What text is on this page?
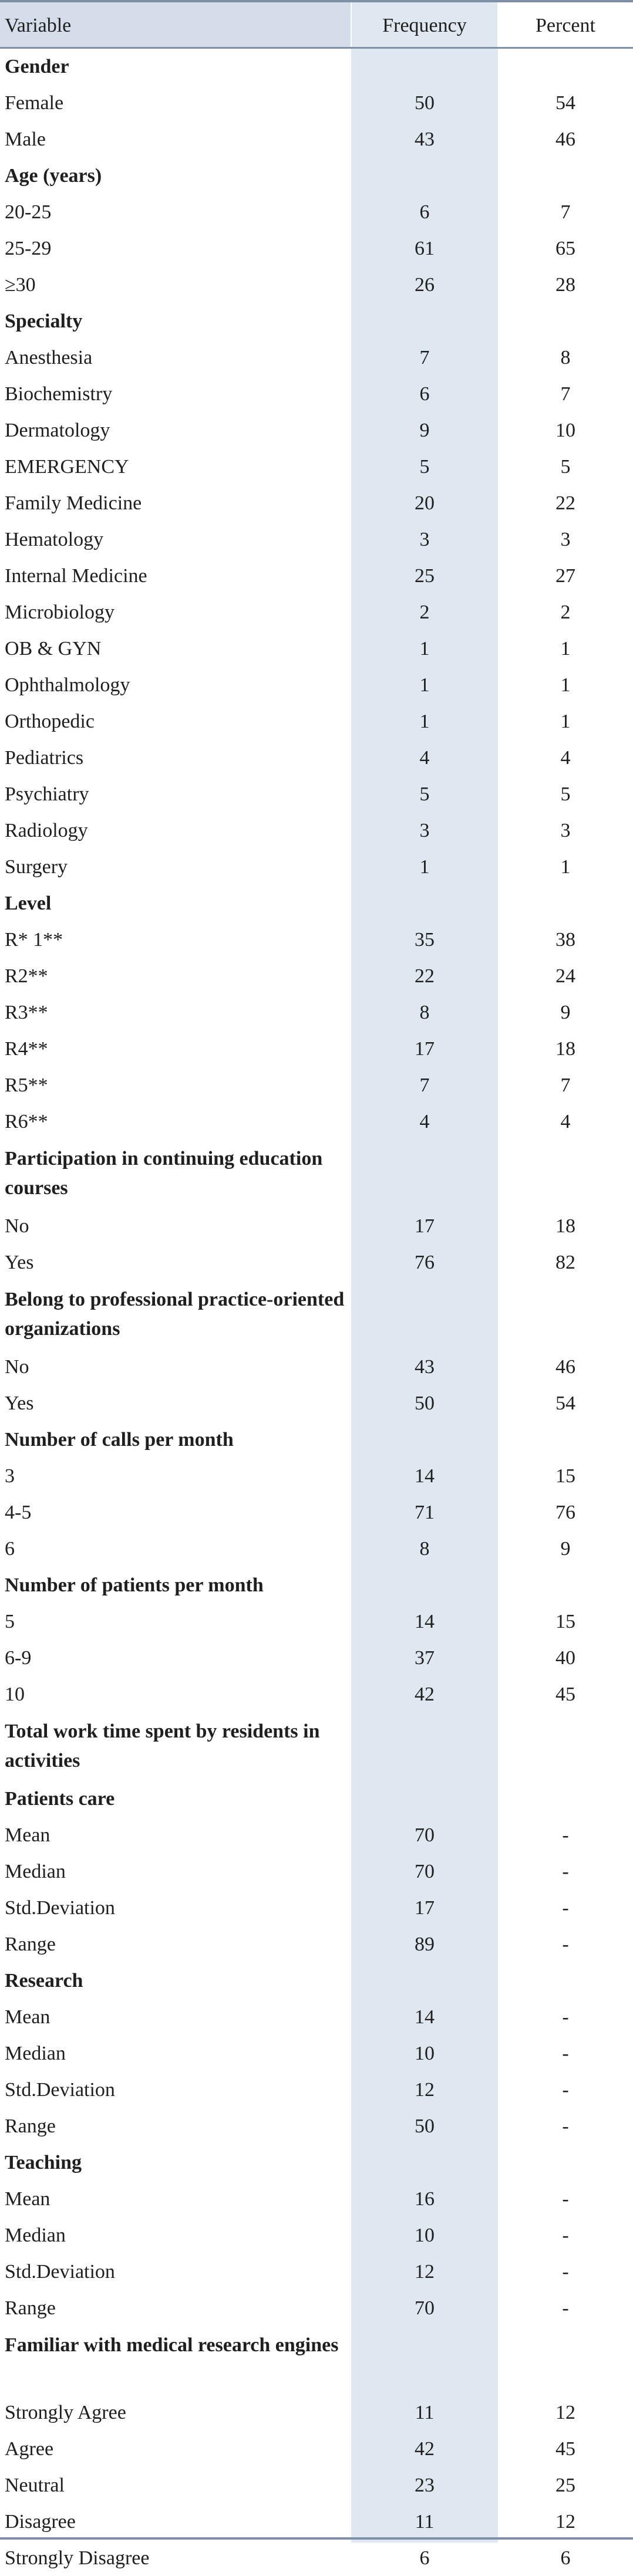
Variable	Frequency	Percent
Gender
Female	50	54
Male	43	46
Age (years)
20-25	6	7
25-29	61	65
≥30	26	28
Specialty
Anesthesia	7	8
Biochemistry	6	7
Dermatology	9	10
EMERGENCY	5	5
Family Medicine	20	22
Hematology	3	3
Internal Medicine	25	27
Microbiology	2	2
OB & GYN	1	1
Ophthalmology	1	1
Orthopedic	1	1
Pediatrics	4	4
Psychiatry	5	5
Radiology	3	3
Surgery	1	1
Level
R* 1**	35	38
R2**	22	24
R3**	8	9
R4**	17	18
R5**	7	7
R6**	4	4
Participation in continuing education courses
No	17	18
Yes	76	82
Belong to professional practice-oriented organizations
No	43	46
Yes	50	54
Number of calls per month
3	14	15
4-5	71	76
6	8	9
Number of patients per month
5	14	15
6-9	37	40
10	42	45
Total work time spent by residents in activities
Patients care
Mean	70	-
Median	70	-
Std.Deviation	17	-
Range	89	-
Research
Mean	14	-
Median	10	-
Std.Deviation	12	-
Range	50	-
Teaching
Mean	16	-
Median	10	-
Std.Deviation	12	-
Range	70	-
Familiar with medical research engines
Strongly Agree	11	12
Agree	42	45
Neutral	23	25
Disagree	11	12
Strongly Disagree	6	6
